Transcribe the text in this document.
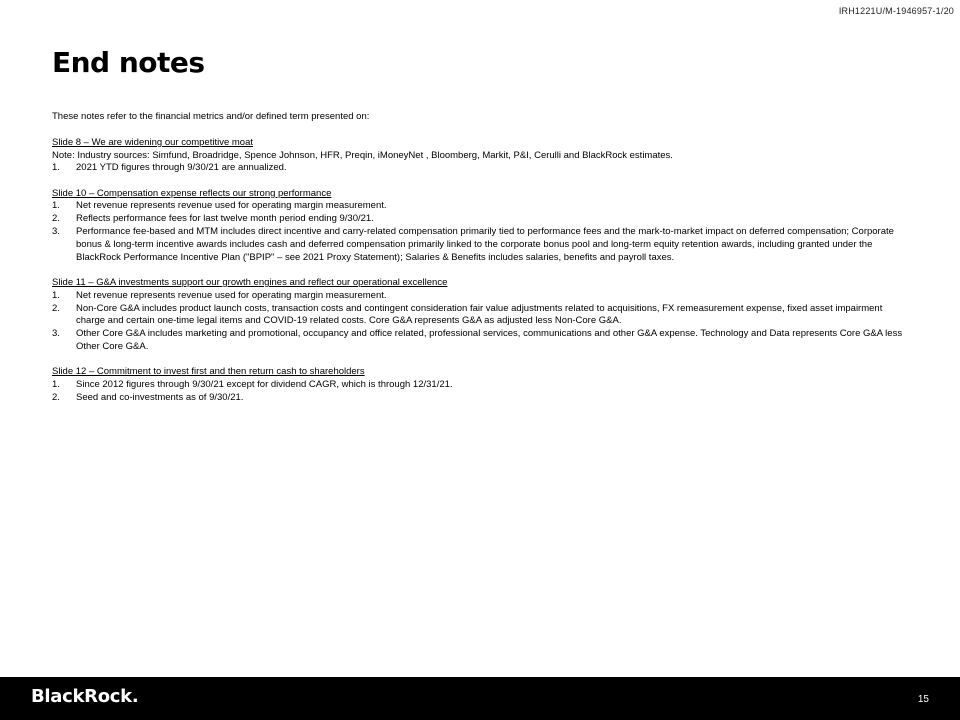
IRH1221U/M-1946957-1/20
End notes

These notes refer to the financial metrics and/or defined term presented on:

Slide 8 – We are widening our competitive moat

Note: Industry sources: Simfund, Broadridge, Spence Johnson, HFR, Preqin, iMoneyNet , Bloomberg, Markit, P&I, Cerulli and BlackRock estimates.

1. 2021 YTD figures through 9/30/21 are annualized.

Slide 10 – Compensation expense reflects our strong performance

1. Net revenue represents revenue used for operating margin measurement.
2. Reflects performance fees for last twelve month period ending 9/30/21.
3. Performance fee-based and MTM includes direct incentive and carry-related compensation primarily tied to performance fees and the mark-to-market impact on deferred compensation; Corporate bonus & long-term incentive awards includes cash and deferred compensation primarily linked to the corporate bonus pool and long-term equity retention awards, including granted under the BlackRock Performance Incentive Plan ("BPIP" – see 2021 Proxy Statement); Salaries & Benefits includes salaries, benefits and payroll taxes.

Slide 11 – G&A investments support our growth engines and reflect our operational excellence

1. Net revenue represents revenue used for operating margin measurement.
2. Non-Core G&A includes product launch costs, transaction costs and contingent consideration fair value adjustments related to acquisitions, FX remeasurement expense, fixed asset impairment charge and certain one-time legal items and COVID-19 related costs. Core G&A represents G&A as adjusted less Non-Core G&A.
3. Other Core G&A includes marketing and promotional, occupancy and office related, professional services, communications and other G&A expense. Technology and Data represents Core G&A less Other Core G&A.

Slide 12 – Commitment to invest first and then return cash to shareholders

1. Since 2012 figures through 9/30/21 except for dividend CAGR, which is through 12/31/21.
2. Seed and co-investments as of 9/30/21.
BlackRock.	15
